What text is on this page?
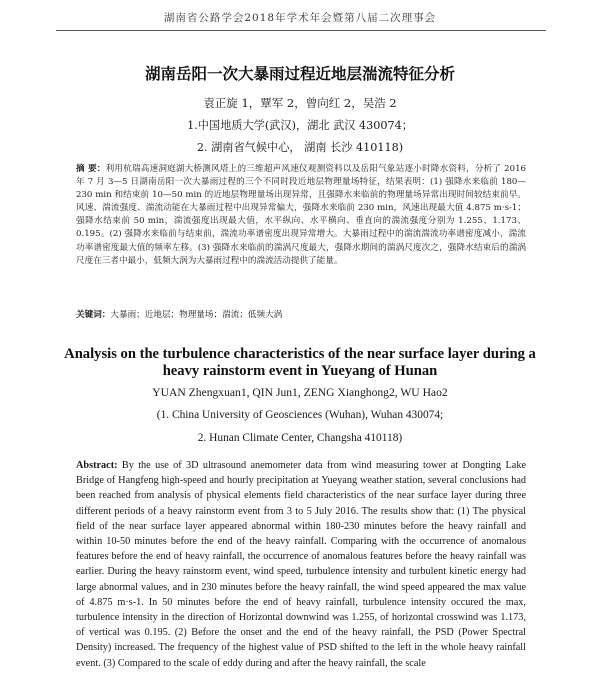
湖南省公路学会2018年学术年会暨第八届二次理事会
湖南岳阳一次大暴雨过程近地层湍流特征分析
袁正旋 1，覃军 2，曾向红 2，吴浩 2
1.中国地质大学(武汉)，湖北 武汉 430074；
2. 湖南省气候中心， 湖南 长沙 410118)
摘 要：利用杭瑞高速洞庭湖大桥测风塔上的三维超声风速仪观测资料以及岳阳气象站逐小时降水资料，分析了 2016 年 7 月 3—5 日湖南岳阳一次大暴雨过程的三个不同时段近地层物理量场特征，结果表明：(1) 强降水来临前 180—230 min 和结束前 10—50 min 的近地层物理量场出现异常，且强降水来临前的物理量场异常出现时间较结束前早。风速、湍流强度、湍流动能在大暴雨过程中出现异常偏大，强降水来临前 230 min，风速出现最大值 4.875 m·s-1；强降水结束前 50 min，湍流强度出现最大值，水平纵向、水平横向、垂直向的湍流强度分别为 1.255、1.173、0.195。(2) 强降水来临前与结束前，湍流功率谱密度出现异常增大。大暴雨过程中的湍流湍流功率谱密度减小，湍流功率谱密度最大值的频率左移。(3) 强降水来临前的湍涡尺度最大，强降水期间的湍涡尺度次之，强降水结束后的湍涡尺度在三者中最小，低频大涡为大暴雨过程中的湍流活动提供了能量。
关键词：大暴雨；近地层；物理量场；湍流；低频大涡
Analysis on the turbulence characteristics of the near surface layer during a heavy rainstorm event in Yueyang of Hunan
YUAN Zhengxuan1, QIN Jun1, ZENG Xianghong2, WU Hao2
(1. China University of Geosciences (Wuhan), Wuhan 430074;
2. Hunan Climate Center, Changsha 410118)
Abstract: By the use of 3D ultrasound anemometer data from wind measuring tower at Dongting Lake Bridge of Hangfeng high-speed and hourly precipitation at Yueyang weather station, several conclusions had been reached from analysis of physical elements field characteristics of the near surface layer during three different periods of a heavy rainstorm event from 3 to 5 July 2016. The results show that: (1) The physical field of the near surface layer appeared abnormal within 180-230 minutes before the heavy rainfall and within 10-50 minutes before the end of the heavy rainfall. Comparing with the occurrence of anomalous features before the end of heavy rainfall, the occurrence of anomalous features before the heavy rainfall was earlier. During the heavy rainstorm event, wind speed, turbulence intensity and turbulent kinetic energy had large abnormal values, and in 230 minutes before the heavy rainfall, the wind speed appeared the max value of 4.875 m·s-1. In 50 minutes before the end of heavy rainfall, turbulence intensity occured the max, turbulence intensity in the direction of Horizontal downwind was 1.255, of horizontal crosswind was 1.173, of vertical was 0.195. (2) Before the onset and the end of the heavy rainfall, the PSD (Power Spectral Density) increased. The frequency of the highest value of PSD shifted to the left in the whole heavy rainfall event. (3) Compared to the scale of eddy during and after the heavy rainfall, the scale
